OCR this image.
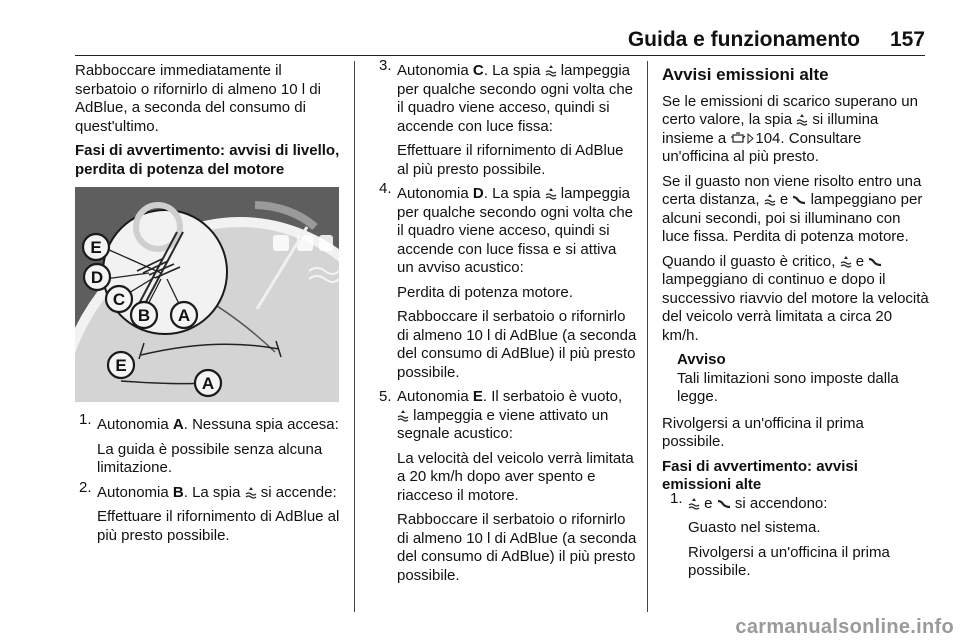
Guida e funzionamento 157

Rabboccare immediatamente il serbatoio o rifornirlo di almeno 10 l di AdBlue, a seconda del consumo di quest'ultimo.

Fasi di avvertimento: avvisi di livello, perdita di potenza del motore

E
D
C
B A
E
A
1. Autonomia A. Nessuna spia accesa:

La guida è possibile senza alcuna limitazione.

2. Autonomia B. La spia  si accende:

Effettuare il rifornimento di AdBlue al più presto possibile.

3. Autonomia C. La spia  lampeggia per qualche secondo ogni volta che il quadro viene acceso, quindi si accende con luce fissa:

Effettuare il rifornimento di AdBlue al più presto possibile.

4. Autonomia D. La spia  lampeggia per qualche secondo ogni volta che il quadro viene acceso, quindi si accende con luce fissa e si attiva un avviso acustico:

Perdita di potenza motore.

Rabboccare il serbatoio o rifornirlo di almeno 10 l di AdBlue (a seconda del consumo di AdBlue) il più presto possibile.

5. Autonomia E. Il serbatoio è vuoto,  lampeggia e viene attivato un segnale acustico:

La velocità del veicolo verrà limitata a 20 km/h dopo aver spento e riacceso il motore.

Rabboccare il serbatoio o rifornirlo di almeno 10 l di AdBlue (a seconda del consumo di AdBlue) il più presto possibile.

Avvisi emissioni alte

Se le emissioni di scarico superano un certo valore, la spia  si illumina insieme a 104. Consultare un'officina al più presto.

Se il guasto non viene risolto entro una certa distanza,  e  lampeggiano per alcuni secondi, poi si illuminano con luce fissa. Perdita di potenza motore.

Quando il guasto è critico,  e  lampeggiano di continuo e dopo il successivo riavvio del motore la velocità del veicolo verrà limitata a circa 20 km/h.

Avviso
Tali limitazioni sono imposte dalla legge.

Rivolgersi a un'officina il prima possibile.

Fasi di avvertimento: avvisi emissioni alte

1.	e  si accendono:

Guasto nel sistema.

Rivolgersi a un'officina il prima possibile.

carmanualsonline.info
